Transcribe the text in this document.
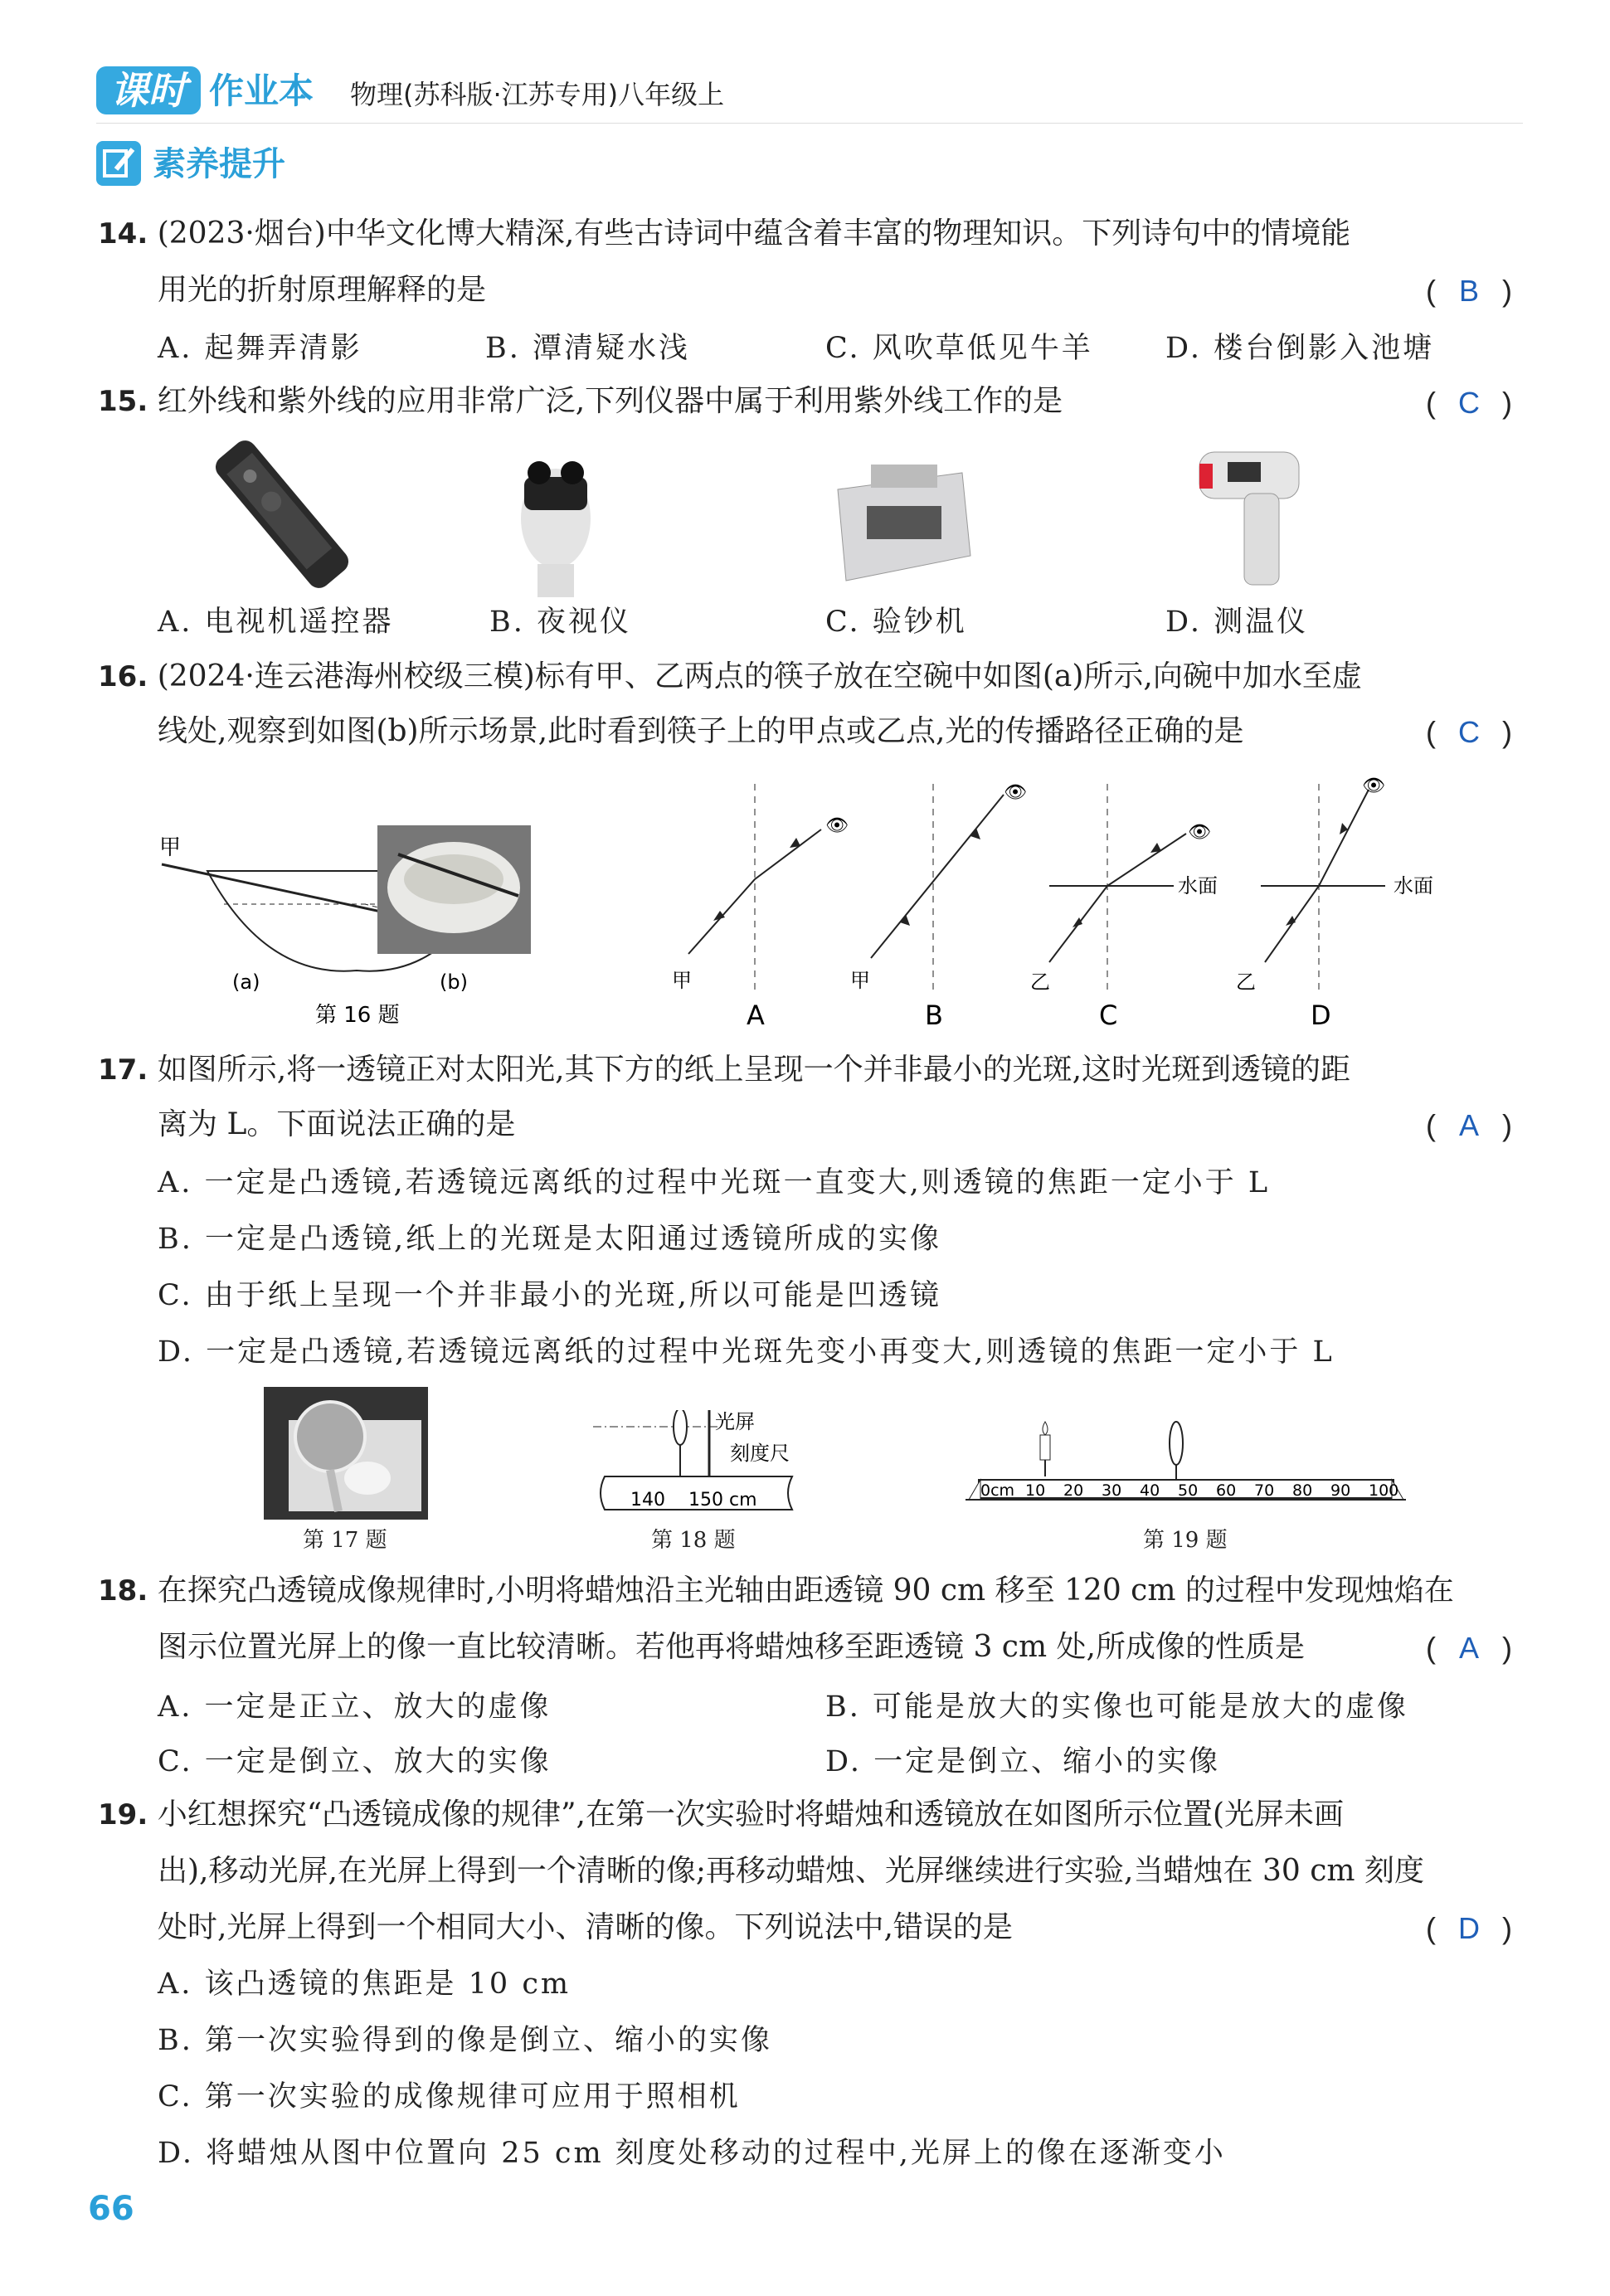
课时 作业本 物理(苏科版·江苏专用)八年级上
素养提升
14. (2023·烟台)中华文化博大精深,有些古诗词中蕴含着丰富的物理知识。下列诗句中的情境能
用光的折射原理解释的是	( B )
A. 起舞弄清影	B. 潭清疑水浅	C. 风吹草低见牛羊 D. 楼台倒影入池塘
15. 红外线和紫外线的应用非常广泛,下列仪器中属于利用紫外线工作的是	( C )
A. 电视机遥控器	B. 夜视仪	C. 验钞机	D. 测温仪
16. (2024·连云港海州校级三模)标有甲、乙两点的筷子放在空碗中如图(a)所示,向碗中加水至虚
线处,观察到如图(b)所示场景,此时看到筷子上的甲点或乙点,光的传播路径正确的是	( C )
甲
(a)	(b)
第 16 题
👁
甲
A
👁
甲
B
水面
👁
乙
C
水面
👁
乙
D
17. 如图所示,将一透镜正对太阳光,其下方的纸上呈现一个并非最小的光斑,这时光斑到透镜的距
离为 L。下面说法正确的是	( A )
A. 一定是凸透镜,若透镜远离纸的过程中光斑一直变大,则透镜的焦距一定小于 L
B. 一定是凸透镜,纸上的光斑是太阳通过透镜所成的实像
C. 由于纸上呈现一个并非最小的光斑,所以可能是凹透镜
D. 一定是凸透镜,若透镜远离纸的过程中光斑先变小再变大,则透镜的焦距一定小于 L
第 17 题
光屏
刻度尺
140 150 cm
第 18 题
0cm 10 20 30 40 50 60 70 80 90 100
第 19 题
18. 在探究凸透镜成像规律时,小明将蜡烛沿主光轴由距透镜 90 cm 移至 120 cm 的过程中发现烛焰在
图示位置光屏上的像一直比较清晰。若他再将蜡烛移至距透镜 3 cm 处,所成像的性质是	( A )
A. 一定是正立、放大的虚像	B. 可能是放大的实像也可能是放大的虚像
C. 一定是倒立、放大的实像	D. 一定是倒立、缩小的实像
19. 小红想探究“凸透镜成像的规律”,在第一次实验时将蜡烛和透镜放在如图所示位置(光屏未画
出),移动光屏,在光屏上得到一个清晰的像;再移动蜡烛、光屏继续进行实验,当蜡烛在 30 cm 刻度
处时,光屏上得到一个相同大小、清晰的像。下列说法中,错误的是	( D )
A. 该凸透镜的焦距是 10 cm
B. 第一次实验得到的像是倒立、缩小的实像
C. 第一次实验的成像规律可应用于照相机
D. 将蜡烛从图中位置向 25 cm 刻度处移动的过程中,光屏上的像在逐渐变小
66
